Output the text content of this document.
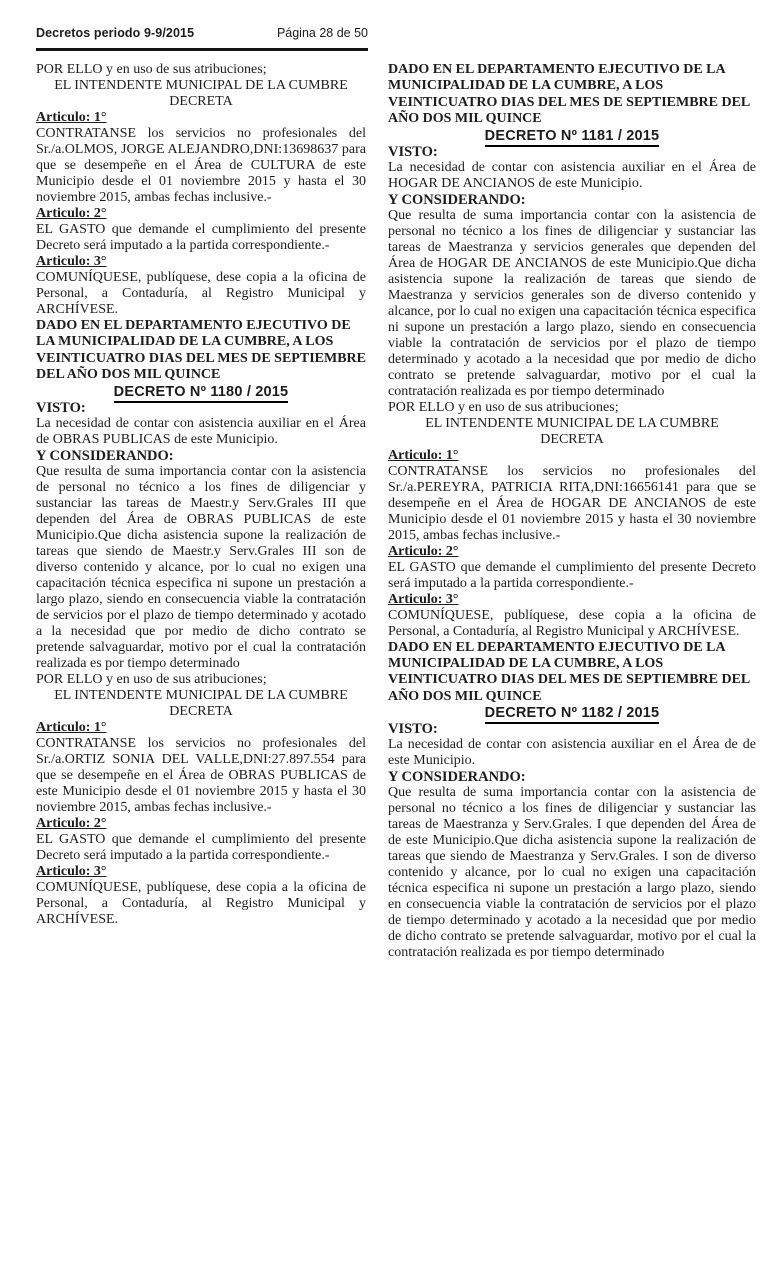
Decretos periodo 9-9/2015	Página 28 de 50

POR ELLO y en uso de sus atribuciones;

EL INTENDENTE MUNICIPAL DE LA CUMBRE

DECRETA

Articulo: 1°

CONTRATANSE los servicios no profesionales del Sr./a.OLMOS, JORGE ALEJANDRO,DNI:13698637 para que se desempeñe en el Área de CULTURA de este Municipio desde el 01 noviembre 2015 y hasta el 30 noviembre 2015, ambas fechas inclusive.-

Articulo: 2°

EL GASTO que demande el cumplimiento del presente Decreto será imputado a la partida correspondiente.-

Articulo: 3°

COMUNÍQUESE, publíquese, dese copia a la oficina de Personal, a Contaduría, al Registro Municipal y ARCHÍVESE.

DADO EN EL DEPARTAMENTO EJECUTIVO DE LA MUNICIPALIDAD DE LA CUMBRE, A LOS VEINTICUATRO DIAS DEL MES DE SEPTIEMBRE DEL AÑO DOS MIL QUINCE

DECRETO Nº 1180 / 2015

VISTO:

La necesidad de contar con asistencia auxiliar en el Área de OBRAS PUBLICAS de este Municipio.

Y CONSIDERANDO:

Que resulta de suma importancia contar con la asistencia de personal no técnico a los fines de diligenciar y sustanciar las tareas de Maestr.y Serv.Grales III que dependen del Área de OBRAS PUBLICAS de este Municipio.Que dicha asistencia supone la realización de tareas que siendo de Maestr.y Serv.Grales III son de diverso contenido y alcance, por lo cual no exigen una capacitación técnica especifica ni supone un prestación a largo plazo, siendo en consecuencia viable la contratación de servicios por el plazo de tiempo determinado y acotado a la necesidad que por medio de dicho contrato se pretende salvaguardar, motivo por el cual la contratación realizada es por tiempo determinado

POR ELLO y en uso de sus atribuciones;

EL INTENDENTE MUNICIPAL DE LA CUMBRE

DECRETA

Articulo: 1°

CONTRATANSE los servicios no profesionales del Sr./a.ORTIZ SONIA DEL VALLE,DNI:27.897.554 para que se desempeñe en el Área de OBRAS PUBLICAS de este Municipio desde el 01 noviembre 2015 y hasta el 30 noviembre 2015, ambas fechas inclusive.-

Articulo: 2°

EL GASTO que demande el cumplimiento del presente Decreto será imputado a la partida correspondiente.-

Articulo: 3°

COMUNÍQUESE, publíquese, dese copia a la oficina de Personal, a Contaduría, al Registro Municipal y ARCHÍVESE.

DADO EN EL DEPARTAMENTO EJECUTIVO DE LA MUNICIPALIDAD DE LA CUMBRE, A LOS VEINTICUATRO DIAS DEL MES DE SEPTIEMBRE DEL AÑO DOS MIL QUINCE

DECRETO Nº 1181 / 2015

VISTO:

La necesidad de contar con asistencia auxiliar en el Área de HOGAR DE ANCIANOS de este Municipio.

Y CONSIDERANDO:

Que resulta de suma importancia contar con la asistencia de personal no técnico a los fines de diligenciar y sustanciar las tareas de Maestranza y servicios generales que dependen del Área de HOGAR DE ANCIANOS de este Municipio.Que dicha asistencia supone la realización de tareas que siendo de Maestranza y servicios generales son de diverso contenido y alcance, por lo cual no exigen una capacitación técnica especifica ni supone un prestación a largo plazo, siendo en consecuencia viable la contratación de servicios por el plazo de tiempo determinado y acotado a la necesidad que por medio de dicho contrato se pretende salvaguardar, motivo por el cual la contratación realizada es por tiempo determinado

POR ELLO y en uso de sus atribuciones;

EL INTENDENTE MUNICIPAL DE LA CUMBRE

DECRETA

Articulo: 1°

CONTRATANSE los servicios no profesionales del Sr./a.PEREYRA, PATRICIA RITA,DNI:16656141 para que se desempeñe en el Área de HOGAR DE ANCIANOS de este Municipio desde el 01 noviembre 2015 y hasta el 30 noviembre 2015, ambas fechas inclusive.-

Articulo: 2°

EL GASTO que demande el cumplimiento del presente Decreto será imputado a la partida correspondiente.-

Articulo: 3°

COMUNÍQUESE, publíquese, dese copia a la oficina de Personal, a Contaduría, al Registro Municipal y ARCHÍVESE.

DADO EN EL DEPARTAMENTO EJECUTIVO DE LA MUNICIPALIDAD DE LA CUMBRE, A LOS VEINTICUATRO DIAS DEL MES DE SEPTIEMBRE DEL AÑO DOS MIL QUINCE

DECRETO Nº 1182 / 2015

VISTO:

La necesidad de contar con asistencia auxiliar en el Área de de este Municipio.

Y CONSIDERANDO:

Que resulta de suma importancia contar con la asistencia de personal no técnico a los fines de diligenciar y sustanciar las tareas de Maestranza y Serv.Grales. I que dependen del Área de de este Municipio.Que dicha asistencia supone la realización de tareas que siendo de Maestranza y Serv.Grales. I son de diverso contenido y alcance, por lo cual no exigen una capacitación técnica especifica ni supone un prestación a largo plazo, siendo en consecuencia viable la contratación de servicios por el plazo de tiempo determinado y acotado a la necesidad que por medio de dicho contrato se pretende salvaguardar, motivo por el cual la contratación realizada es por tiempo determinado
